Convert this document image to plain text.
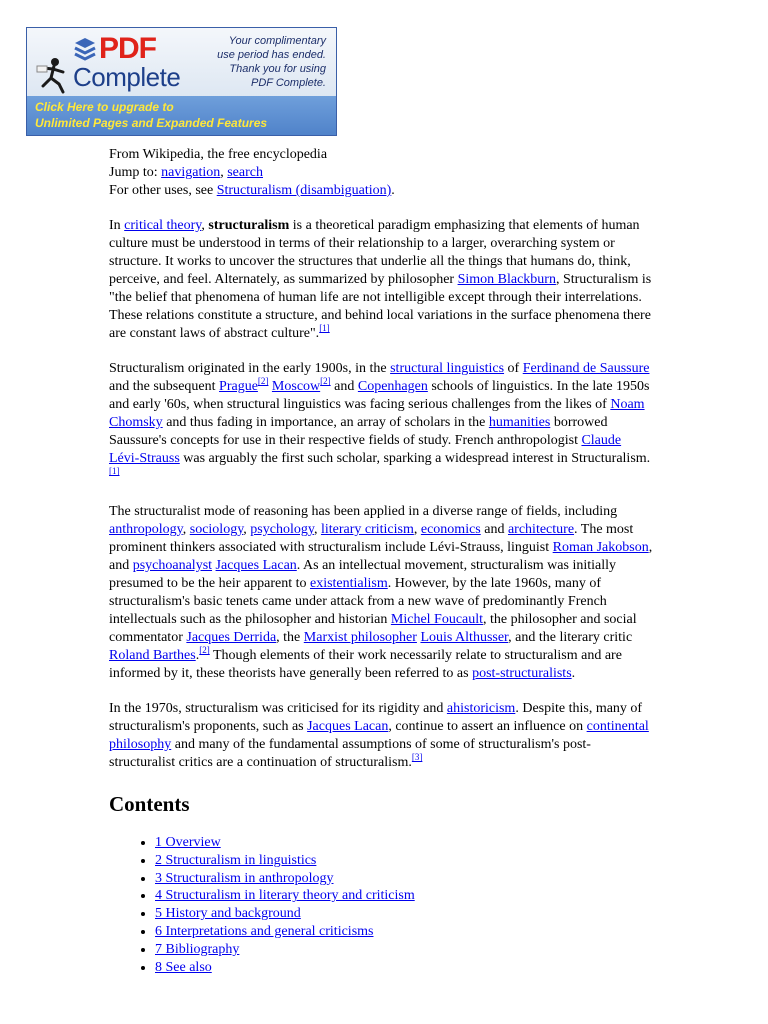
PDF
Complete
Your complimentary
use period has ended.
Thank you for using
PDF Complete.
Click Here to upgrade to
Unlimited Pages and Expanded Features
From Wikipedia, the free encyclopedia
Jump to: navigation, search
For other uses, see Structuralism (disambiguation).

In critical theory, structuralism is a theoretical paradigm emphasizing that elements of human culture must be understood in terms of their relationship to a larger, overarching system or structure. It works to uncover the structures that underlie all the things that humans do, think, perceive, and feel. Alternately, as summarized by philosopher Simon Blackburn, Structuralism is "the belief that phenomena of human life are not intelligible except through their interrelations. These relations constitute a structure, and behind local variations in the surface phenomena there are constant laws of abstract culture".[1]

Structuralism originated in the early 1900s, in the structural linguistics of Ferdinand de Saussure and the subsequent Prague[2] Moscow[2] and Copenhagen schools of linguistics. In the late 1950s and early '60s, when structural linguistics was facing serious challenges from the likes of Noam Chomsky and thus fading in importance, an array of scholars in the humanities borrowed Saussure's concepts for use in their respective fields of study. French anthropologist Claude Lévi-Strauss was arguably the first such scholar, sparking a widespread interest in Structuralism.[1]

The structuralist mode of reasoning has been applied in a diverse range of fields, including anthropology, sociology, psychology, literary criticism, economics and architecture. The most prominent thinkers associated with structuralism include Lévi-Strauss, linguist Roman Jakobson, and psychoanalyst Jacques Lacan. As an intellectual movement, structuralism was initially presumed to be the heir apparent to existentialism. However, by the late 1960s, many of structuralism's basic tenets came under attack from a new wave of predominantly French intellectuals such as the philosopher and historian Michel Foucault, the philosopher and social commentator Jacques Derrida, the Marxist philosopher Louis Althusser, and the literary critic Roland Barthes.[2] Though elements of their work necessarily relate to structuralism and are informed by it, these theorists have generally been referred to as post-structuralists.

In the 1970s, structuralism was criticised for its rigidity and ahistoricism. Despite this, many of structuralism's proponents, such as Jacques Lacan, continue to assert an influence on continental philosophy and many of the fundamental assumptions of some of structuralism's post-structuralist critics are a continuation of structuralism.[3]

Contents
• 1 Overview
• 2 Structuralism in linguistics
• 3 Structuralism in anthropology
• 4 Structuralism in literary theory and criticism
• 5 History and background
• 6 Interpretations and general criticisms
• 7 Bibliography
• 8 See also
